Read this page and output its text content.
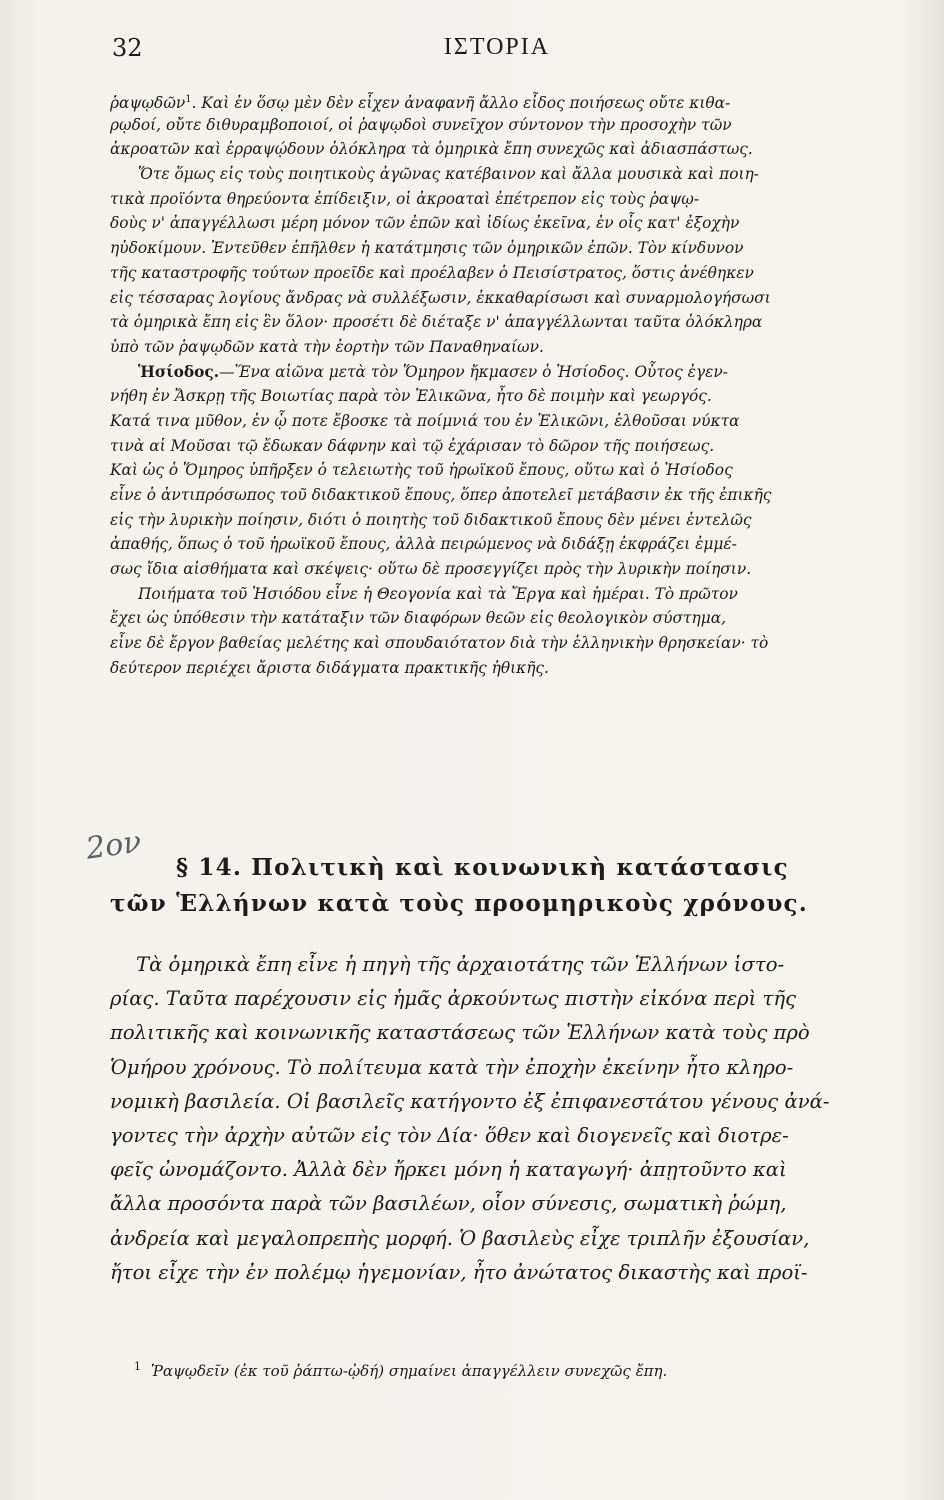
32	ΙΣΤΟΡΙΑ
ῥαψῳδῶν$^1$. Καὶ ἐν ὅσῳ μὲν δὲν εἶχεν ἀναφανῆ ἄλλο εἶδος ποιήσεως οὔτε κιθα-
ρῳδοί, οὔτε διθυραμβοποιοί, οἱ ῥαψῳδοὶ συνεῖχον σύντονον τὴν προσοχὴν τῶν
ἀκροατῶν καὶ ἐρραψῴδουν ὁλόκληρα τὰ ὁμηρικὰ ἔπη συνεχῶς καὶ ἀδιασπάστως.
Ὅτε ὅμως εἰς τοὺς ποιητικοὺς ἀγῶνας κατέβαινον καὶ ἄλλα μουσικὰ καὶ ποιη-
τικὰ προϊόντα θηρεύοντα ἐπίδειξιν, οἱ ἀκροαταὶ ἐπέτρεπον εἰς τοὺς ῥαψῳ-
δοὺς ν' ἀπαγγέλλωσι μέρη μόνον τῶν ἐπῶν καὶ ἰδίως ἐκεῖνα, ἐν οἷς κατ' ἐξοχὴν
ηὐδοκίμουν. Ἐντεῦθεν ἐπῆλθεν ἡ κατάτμησις τῶν ὁμηρικῶν ἐπῶν. Τὸν κίνδυνον
τῆς καταστροφῆς τούτων προεῖδε καὶ προέλαβεν ὁ Πεισίστρατος, ὅστις ἀνέθηκεν
εἰς τέσσαρας λογίους ἄνδρας νὰ συλλέξωσιν, ἐκκαθαρίσωσι καὶ συναρμολογήσωσι
τὰ ὁμηρικὰ ἔπη εἰς ἓν ὅλον· προσέτι δὲ διέταξε ν' ἀπαγγέλλωνται ταῦτα ὁλόκληρα
ὑπὸ τῶν ῥαψῳδῶν κατὰ τὴν ἑορτὴν τῶν Παναθηναίων.
Ἡσίοδος.—Ἕνα αἰῶνα μετὰ τὸν Ὅμηρον ἤκμασεν ὁ Ἡσίοδος. Οὗτος ἐγεν-
νήθη ἐν Ἄσκρῃ τῆς Βοιωτίας παρὰ τὸν Ἑλικῶνα, ἦτο δὲ ποιμὴν καὶ γεωργός.
Κατά τινα μῦθον, ἐν ᾧ ποτε ἔβοσκε τὰ ποίμνιά του ἐν Ἑλικῶνι, ἐλθοῦσαι νύκτα
τινὰ αἱ Μοῦσαι τῷ ἔδωκαν δάφνην καὶ τῷ ἐχάρισαν τὸ δῶρον τῆς ποιήσεως.
Καὶ ὡς ὁ Ὅμηρος ὑπῆρξεν ὁ τελειωτὴς τοῦ ἡρωϊκοῦ ἔπους, οὕτω καὶ ὁ Ἡσίοδος
εἶνε ὁ ἀντιπρόσωπος τοῦ διδακτικοῦ ἔπους, ὅπερ ἀποτελεῖ μετάβασιν ἐκ τῆς ἐπικῆς
εἰς τὴν λυρικὴν ποίησιν, διότι ὁ ποιητὴς τοῦ διδακτικοῦ ἔπους δὲν μένει ἐντελῶς
ἀπαθής, ὅπως ὁ τοῦ ἡρωϊκοῦ ἔπους, ἀλλὰ πειρώμενος νὰ διδάξῃ ἐκφράζει ἐμμέ-
σως ἴδια αἰσθήματα καὶ σκέψεις· οὕτω δὲ προσεγγίζει πρὸς τὴν λυρικὴν ποίησιν.
Ποιήματα τοῦ Ἡσιόδου εἶνε ἡ Θεογονία καὶ τὰ Ἔργα καὶ ἡμέραι. Τὸ πρῶτον
ἔχει ὡς ὑπόθεσιν τὴν κατάταξιν τῶν διαφόρων θεῶν εἰς θεολογικὸν σύστημα,
εἶνε δὲ ἔργον βαθείας μελέτης καὶ σπουδαιότατον διὰ τὴν ἑλληνικὴν θρησκείαν· τὸ
δεύτερον περιέχει ἄριστα διδάγματα πρακτικῆς ἠθικῆς.
2ον
§ 14. Πολιτικὴ καὶ κοινωνικὴ κατάστασις
τῶν Ἑλλήνων κατὰ τοὺς προομηρικοὺς χρόνους.
Τὰ ὁμηρικὰ ἔπη εἶνε ἡ πηγὴ τῆς ἀρχαιοτάτης τῶν Ἑλλήνων ἱστο-
ρίας. Ταῦτα παρέχουσιν εἰς ἡμᾶς ἀρκούντως πιστὴν εἰκόνα περὶ τῆς
πολιτικῆς καὶ κοινωνικῆς καταστάσεως τῶν Ἑλλήνων κατὰ τοὺς πρὸ
Ὁμήρου χρόνους. Τὸ πολίτευμα κατὰ τὴν ἐποχὴν ἐκείνην ἦτο κληρο-
νομικὴ βασιλεία. Οἱ βασιλεῖς κατήγοντο ἐξ ἐπιφανεστάτου γένους ἀνά-
γοντες τὴν ἀρχὴν αὐτῶν εἰς τὸν Δία· ὅθεν καὶ διογενεῖς καὶ διοτρε-
φεῖς ὠνομάζοντο. Ἀλλὰ δὲν ἤρκει μόνη ἡ καταγωγή· ἀπῃτοῦντο καὶ
ἄλλα προσόντα παρὰ τῶν βασιλέων, οἷον σύνεσις, σωματικὴ ῥώμη,
ἀνδρεία καὶ μεγαλοπρεπὴς μορφή. Ὁ βασιλεὺς εἶχε τριπλῆν ἐξουσίαν,
ἤτοι εἶχε τὴν ἐν πολέμῳ ἡγεμονίαν, ἦτο ἀνώτατος δικαστὴς καὶ προϊ-
$^1$ Ῥαψῳδεῖν (ἐκ τοῦ ῥάπτω-ᾠδή) σημαίνει ἀπαγγέλλειν συνεχῶς ἔπη.
